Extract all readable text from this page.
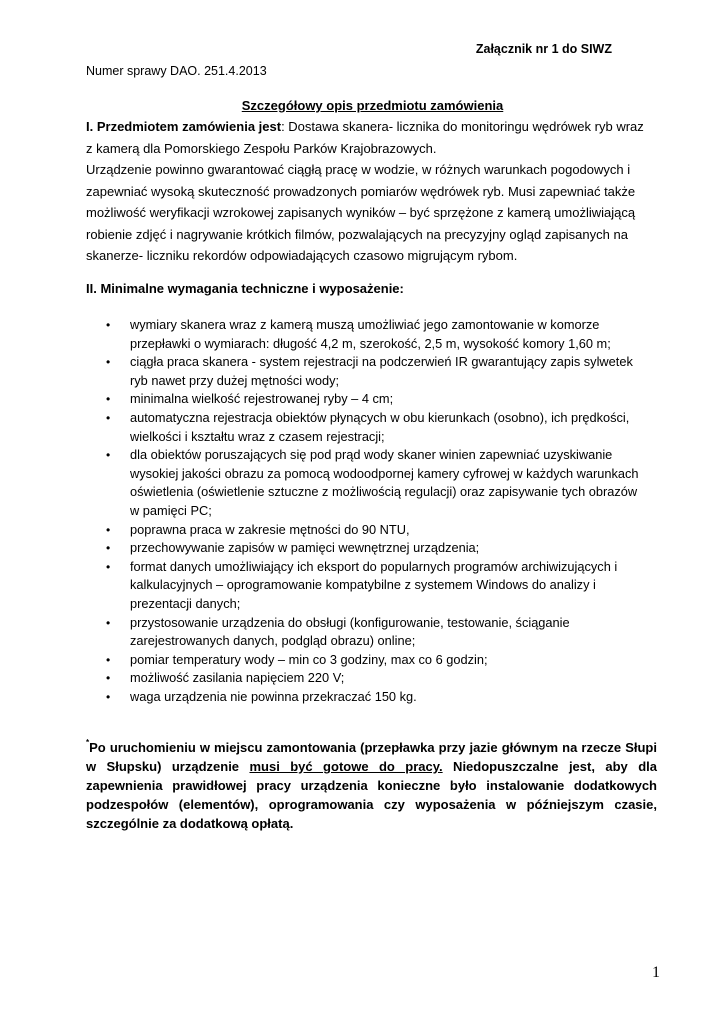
Załącznik nr 1 do SIWZ
Numer sprawy DAO. 251.4.2013
Szczegółowy opis przedmiotu zamówienia

I. Przedmiotem zamówienia jest: Dostawa skanera- licznika do monitoringu wędrówek ryb wraz z kamerą dla Pomorskiego Zespołu Parków Krajobrazowych.

Urządzenie powinno gwarantować ciągłą pracę w wodzie, w różnych warunkach pogodowych i zapewniać wysoką skuteczność prowadzonych pomiarów wędrówek ryb. Musi zapewniać także możliwość weryfikacji wzrokowej zapisanych wyników – być sprzężone z kamerą umożliwiającą robienie zdjęć i nagrywanie krótkich filmów, pozwalających na precyzyjny ogląd zapisanych na skanerze- liczniku rekordów odpowiadających czasowo migrującym rybom.

II. Minimalne wymagania techniczne i wyposażenie:
• wymiary skanera wraz z kamerą muszą umożliwiać jego zamontowanie w komorze przepławki o wymiarach: długość 4,2 m, szerokość, 2,5 m, wysokość komory 1,60 m;
• ciągła praca skanera - system rejestracji na podczerwień IR gwarantujący zapis sylwetek ryb nawet przy dużej mętności wody;
• minimalna wielkość rejestrowanej ryby – 4 cm;
• automatyczna rejestracja obiektów płynących w obu kierunkach (osobno), ich prędkości, wielkości i kształtu wraz z czasem rejestracji;
• dla obiektów poruszających się pod prąd wody skaner winien zapewniać uzyskiwanie wysokiej jakości obrazu za pomocą wodoodpornej kamery cyfrowej w każdych warunkach oświetlenia (oświetlenie sztuczne z możliwością regulacji) oraz zapisywanie tych obrazów w pamięci PC;
• poprawna praca w zakresie mętności do 90 NTU,
• przechowywanie zapisów w pamięci wewnętrznej urządzenia;
• format danych umożliwiający ich eksport do popularnych programów archiwizujących i kalkulacyjnych – oprogramowanie kompatybilne z systemem Windows do analizy i prezentacji danych;
• przystosowanie urządzenia do obsługi (konfigurowanie, testowanie, ściąganie zarejestrowanych danych, podgląd obrazu) online;
• pomiar temperatury wody – min co 3 godziny, max co 6 godzin;
• możliwość zasilania napięciem 220 V;
• waga urządzenia nie powinna przekraczać 150 kg.
*Po uruchomieniu w miejscu zamontowania (przepławka przy jazie głównym na rzecze Słupi w Słupsku) urządzenie musi być gotowe do pracy. Niedopuszczalne jest, aby dla zapewnienia prawidłowej pracy urządzenia konieczne było instalowanie dodatkowych podzespołów (elementów), oprogramowania czy wyposażenia w późniejszym czasie, szczególnie za dodatkową opłatą.
1
